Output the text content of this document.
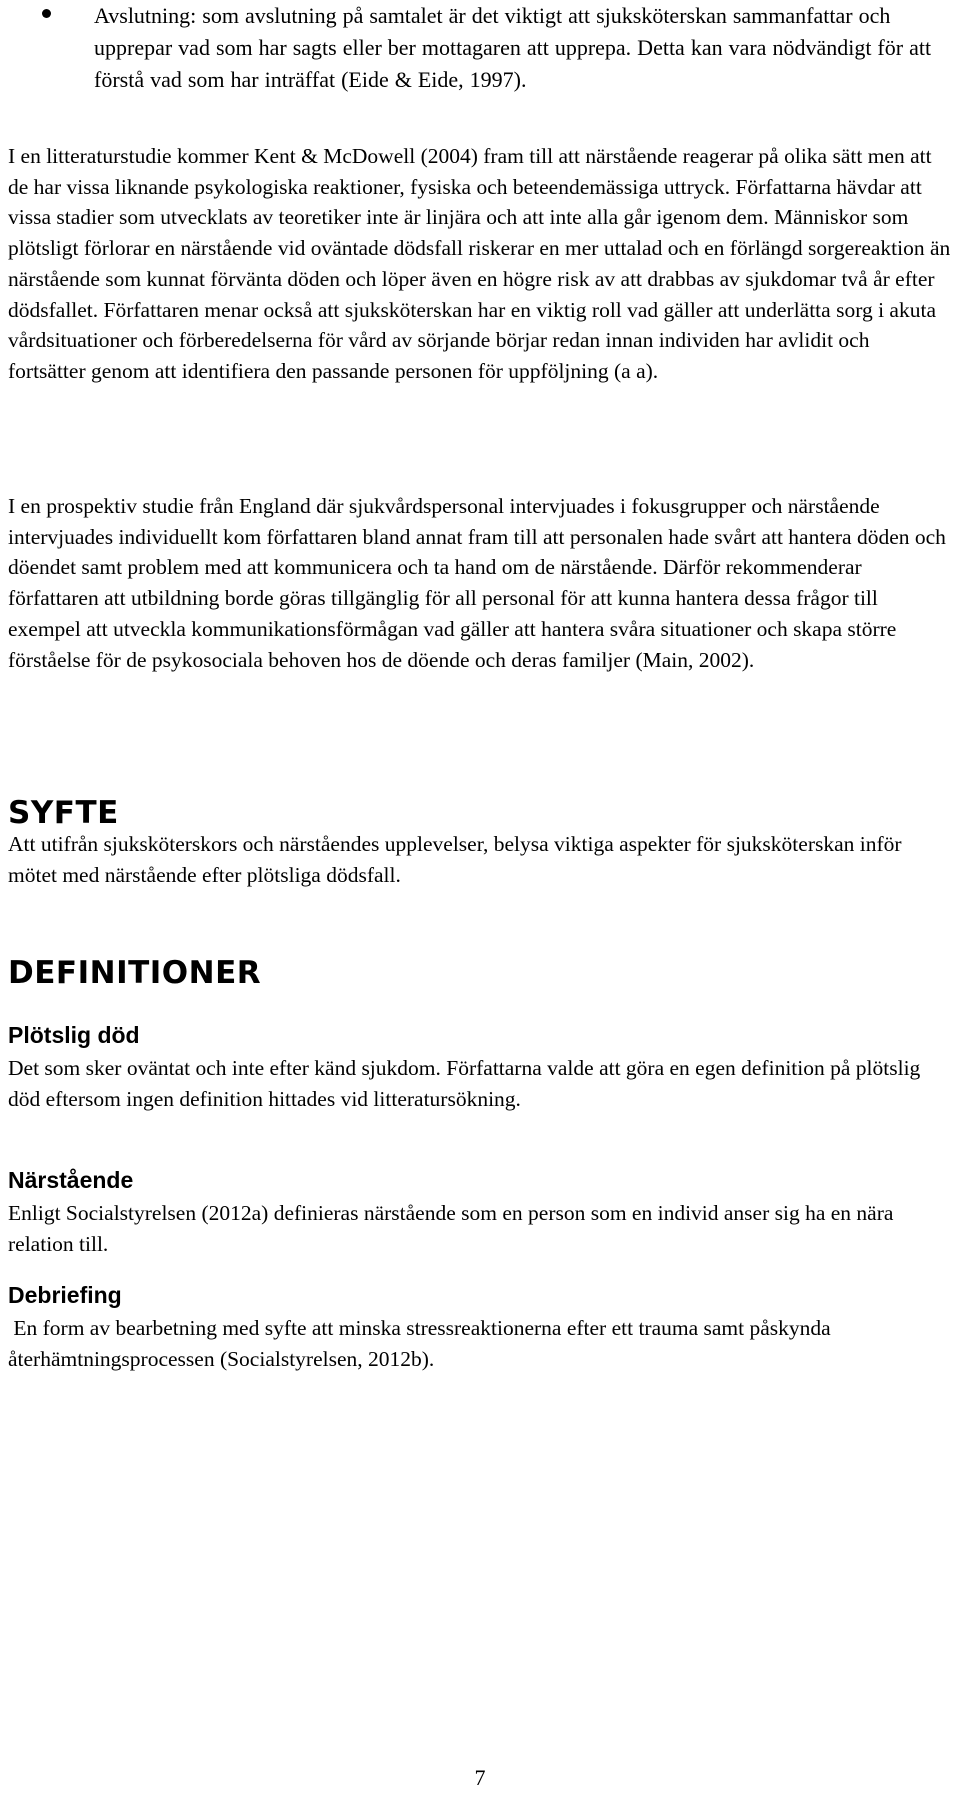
Avslutning: som avslutning på samtalet är det viktigt att sjuksköterskan sammanfattar och upprepar vad som har sagts eller ber mottagaren att upprepa. Detta kan vara nödvändigt för att förstå vad som har inträffat (Eide & Eide, 1997).

I en litteraturstudie kommer Kent & McDowell (2004) fram till att närstående reagerar på olika sätt men att de har vissa liknande psykologiska reaktioner, fysiska och beteendemässiga uttryck. Författarna hävdar att vissa stadier som utvecklats av teoretiker inte är linjära och att inte alla går igenom dem. Människor som plötsligt förlorar en närstående vid oväntade dödsfall riskerar en mer uttalad och en förlängd sorgereaktion än närstående som kunnat förvänta döden och löper även en högre risk av att drabbas av sjukdomar två år efter dödsfallet. Författaren menar också att sjuksköterskan har en viktig roll vad gäller att underlätta sorg i akuta vårdsituationer och förberedelserna för vård av sörjande börjar redan innan individen har avlidit och fortsätter genom att identifiera den passande personen för uppföljning (a a).

I en prospektiv studie från England där sjukvårdspersonal intervjuades i fokusgrupper och närstående intervjuades individuellt kom författaren bland annat fram till att personalen hade svårt att hantera döden och döendet samt problem med att kommunicera och ta hand om de närstående. Därför rekommenderar författaren att utbildning borde göras tillgänglig för all personal för att kunna hantera dessa frågor till exempel att utveckla kommunikationsförmågan vad gäller att hantera svåra situationer och skapa större förståelse för de psykosociala behoven hos de döende och deras familjer (Main, 2002).

SYFTE

Att utifrån sjuksköterskors och närståendes upplevelser, belysa viktiga aspekter för sjuksköterskan inför mötet med närstående efter plötsliga dödsfall.

DEFINITIONER
Plötslig död

Det som sker oväntat och inte efter känd sjukdom. Författarna valde att göra en egen definition på plötslig död eftersom ingen definition hittades vid litteratursökning.

Närstående

Enligt Socialstyrelsen (2012a) definieras närstående som en person som en individ anser sig ha en nära relation till.

Debriefing

En form av bearbetning med syfte att minska stressreaktionerna efter ett trauma samt påskynda återhämtningsprocessen (Socialstyrelsen, 2012b).

7
